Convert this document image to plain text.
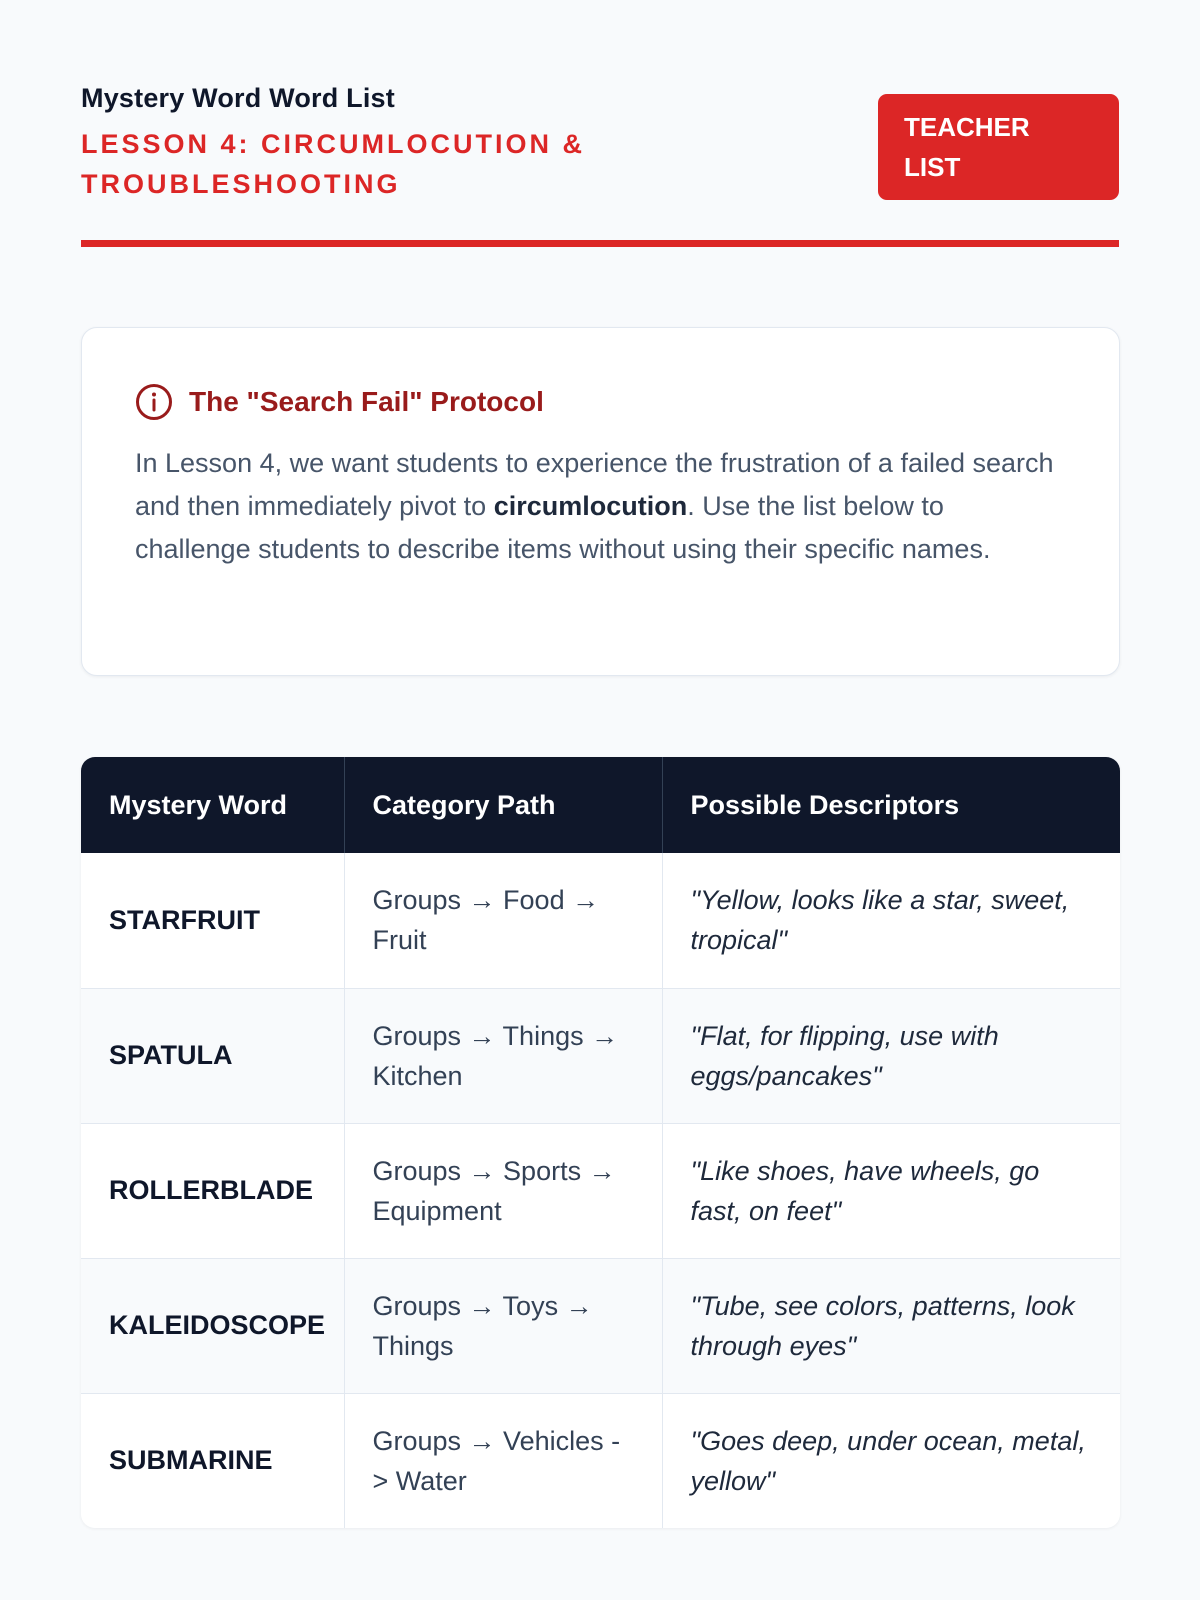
Mystery Word Word List
LESSON 4: CIRCUMLOCUTION & TROUBLESHOOTING
TEACHER LIST
The "Search Fail" Protocol

In Lesson 4, we want students to experience the frustration of a failed search and then immediately pivot to circumlocution. Use the list below to challenge students to describe items without using their specific names.

Mystery Word	Category Path	Possible Descriptors
STARFRUIT	Groups → Food → Fruit	"Yellow, looks like a star, sweet, tropical"
SPATULA	Groups → Things → Kitchen	"Flat, for flipping, use with eggs/pancakes"
ROLLERBLADE	Groups → Sports → Equipment	"Like shoes, have wheels, go fast, on feet"
KALEIDOSCOPE	Groups → Toys → Things	"Tube, see colors, patterns, look through eyes"
SUBMARINE	Groups → Vehicles -> Water	"Goes deep, under ocean, metal, yellow"
